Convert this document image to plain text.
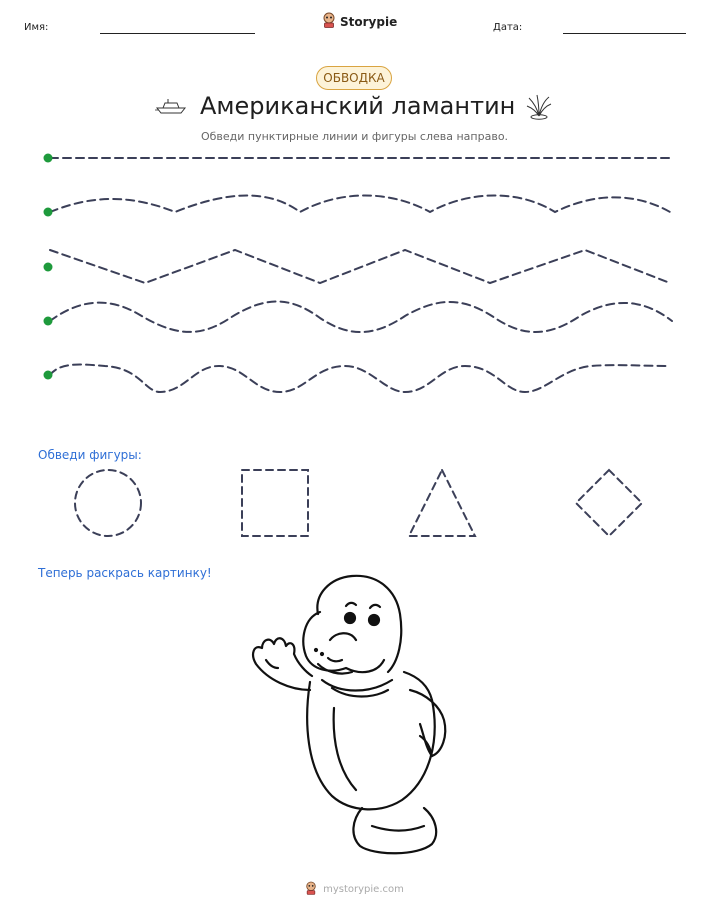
Имя:	Storypie	Дата:
ОБВОДКА
Американский ламантин
Обведи пунктирные линии и фигуры слева направо.
Обведи фигуры:
Теперь раскрась картинку!
mystorypie.com
